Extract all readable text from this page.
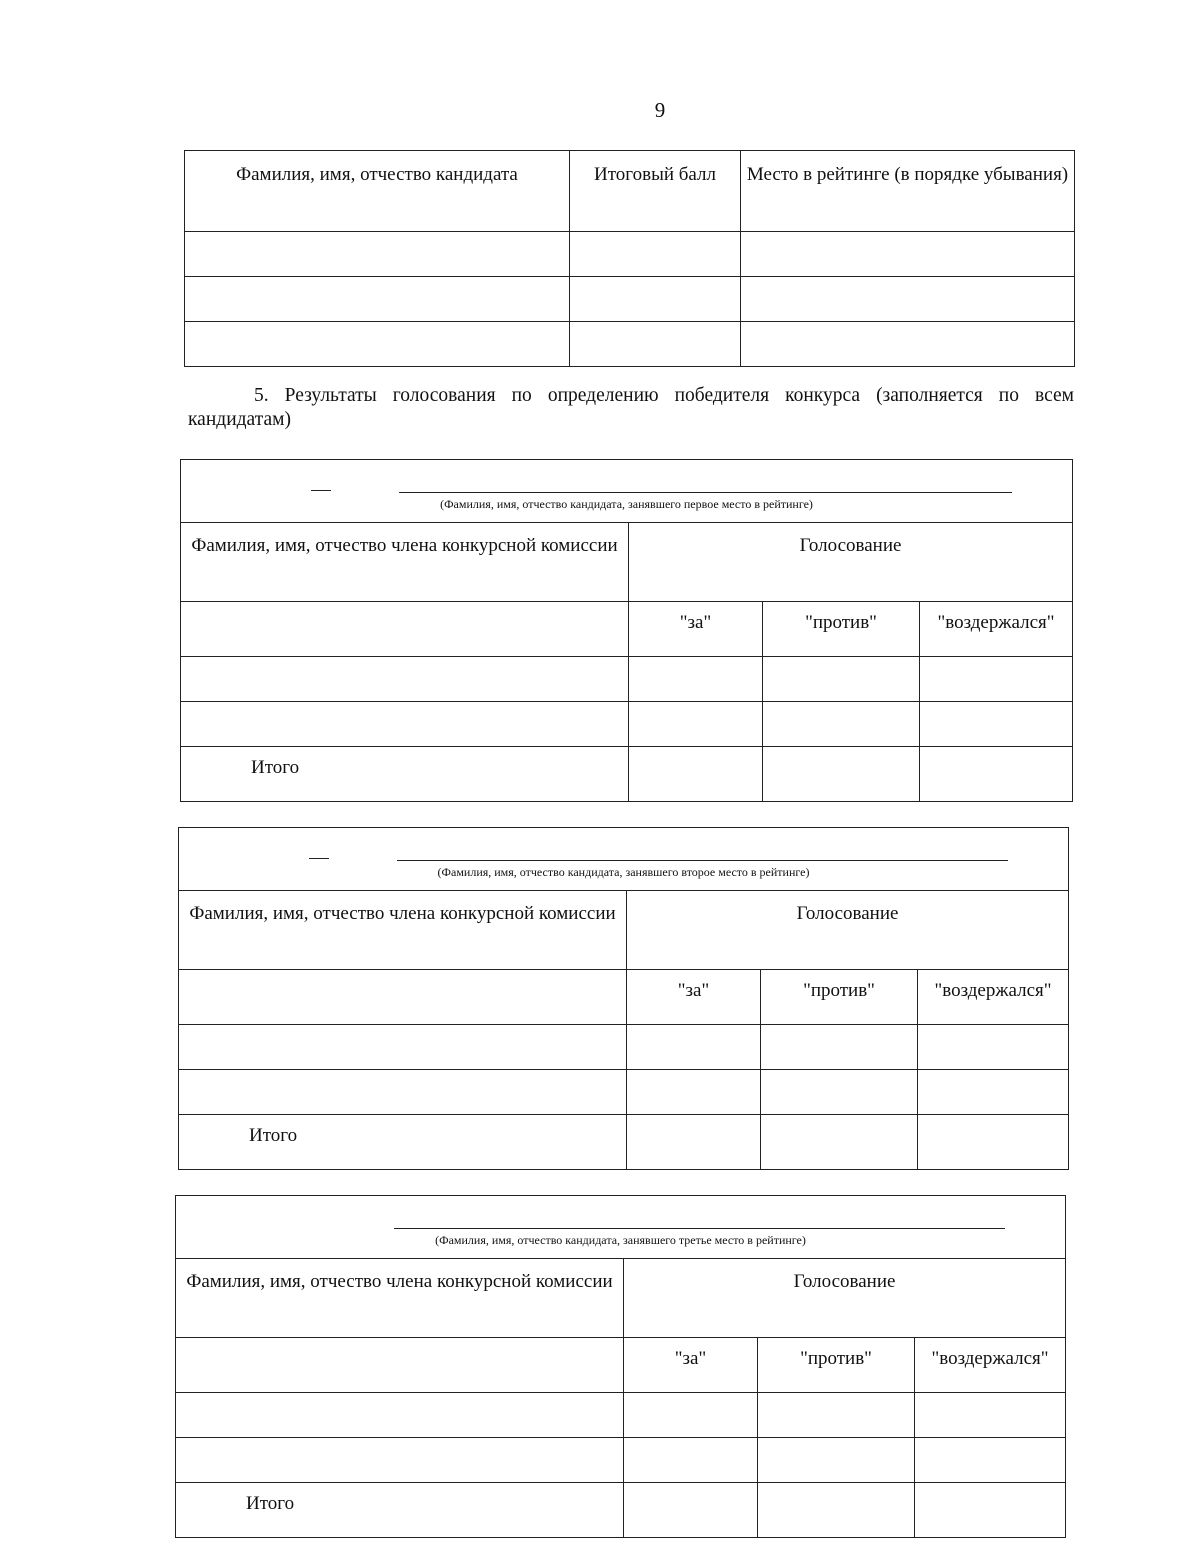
9
Фамилия, имя, отчество кандидата	Итоговый балл	Место в рейтинге (в порядке убывания)

5. Результаты голосования по определению победителя конкурса (заполняется по всем кандидатам)
(Фамилия, имя, отчество кандидата, занявшего первое место в рейтинге)			

Фамилия, имя, отчество члена конкурсной комиссии	Голосование		
	"за"	"против"	"воздержался"

Итого			
(Фамилия, имя, отчество кандидата, занявшего второе место в рейтинге)			

Фамилия, имя, отчество члена конкурсной комиссии	Голосование		
	"за"	"против"	"воздержался"

Итого			
(Фамилия, имя, отчество кандидата, занявшего третье место в рейтинге)			

Фамилия, имя, отчество члена конкурсной комиссии	Голосование		
	"за"	"против"	"воздержался"

Итого			
